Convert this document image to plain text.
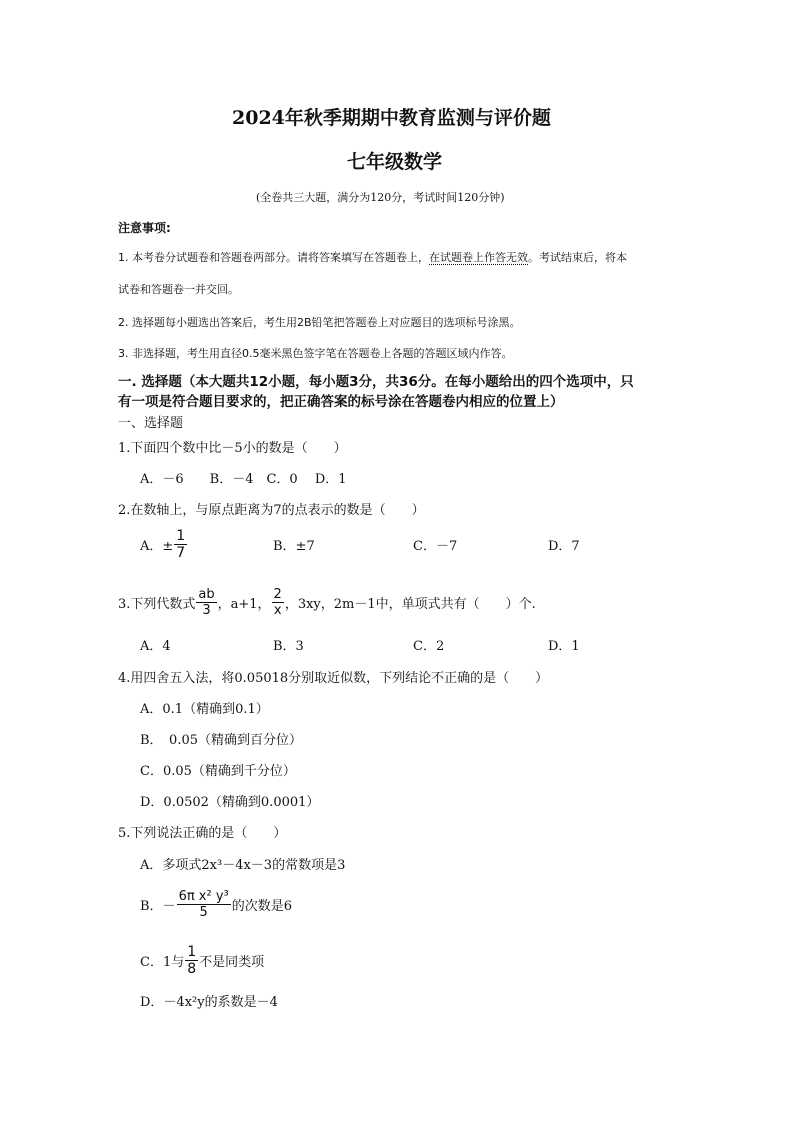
2024年秋季期期中教育监测与评价题
七年级数学
(全卷共三大题，满分为120分，考试时间120分钟)
注意事项:
1. 本考卷分试题卷和答题卷两部分。请将答案填写在答题卷上，在试题卷上作答无效。考试结束后，将本
试卷和答题卷一并交回。
2. 选择题每小题选出答案后，考生用2B铅笔把答题卷上对应题目的选项标号涂黑。
3. 非选择题，考生用直径0.5毫米黑色签字笔在答题卷上各题的答题区域内作答。
一. 选择题（本大题共12小题，每小题3分，共36分。在每小题给出的四个选项中，只
有一项是符合题目要求的，把正确答案的标号涂在答题卷内相应的位置上）
一、选择题
1.下面四个数中比－5小的数是（　　）
A．－6　　B．－4　C．0　 D．1
2.在数轴上，与原点距离为7的点表示的数是（　　）
A．± $\frac{1}{7}$	B．±7	C．－7	D．7
3.下列代数式 $\frac{ab}{3}$ ，a+1， $\frac{2}{x}$ ，3xy，2m－1中，单项式共有（　　）个.
A．4	B．3	C．2	D．1
4.用四舍五入法，将0.05018分别取近似数，下列结论不正确的是（　　）
A．0.1（精确到0.1）
B．　0.05（精确到百分位）
C．0.05（精确到千分位）
D．0.0502（精确到0.0001）
5.下列说法正确的是（　　）
A．多项式2x³－4x－3的常数项是3
B．－ $\frac{\text{6π x² y³}}{5}$ 的次数是6
C．1与 $\frac{1}{8}$ 不是同类项
D．－4x²y的系数是－4
